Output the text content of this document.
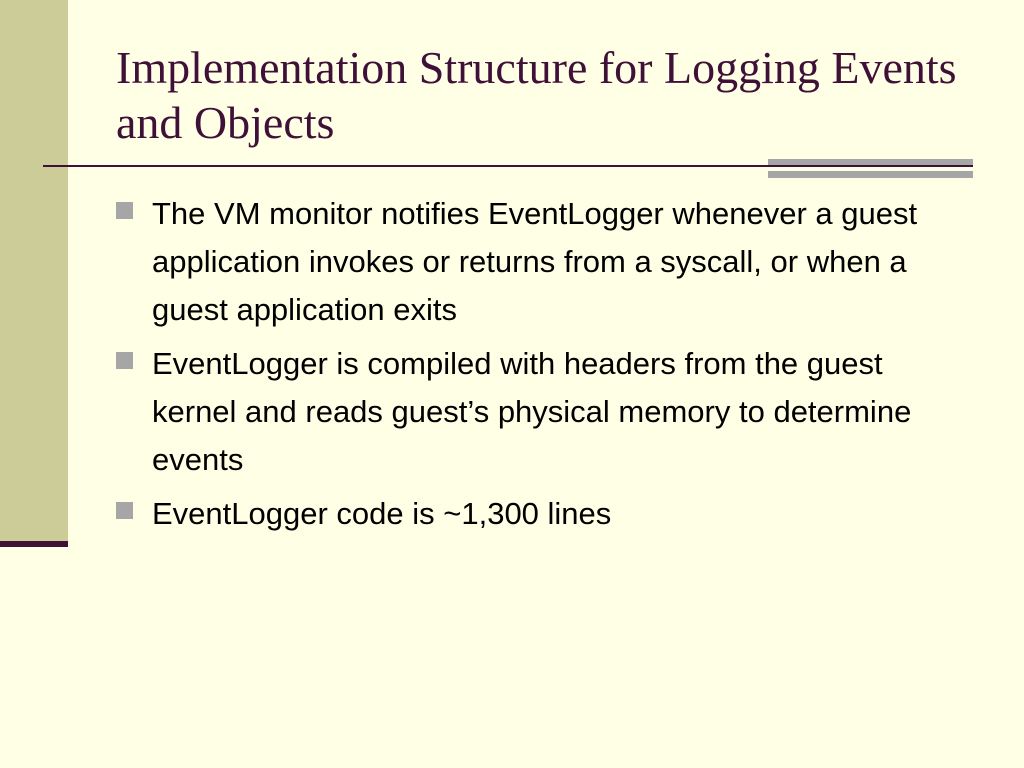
Implementation Structure for Logging Events and Objects
The VM monitor notifies EventLogger whenever a guest application invokes or returns from a syscall, or when a guest application exits
EventLogger is compiled with headers from the guest kernel and reads guest’s physical memory to determine events
EventLogger code is ~1,300 lines
